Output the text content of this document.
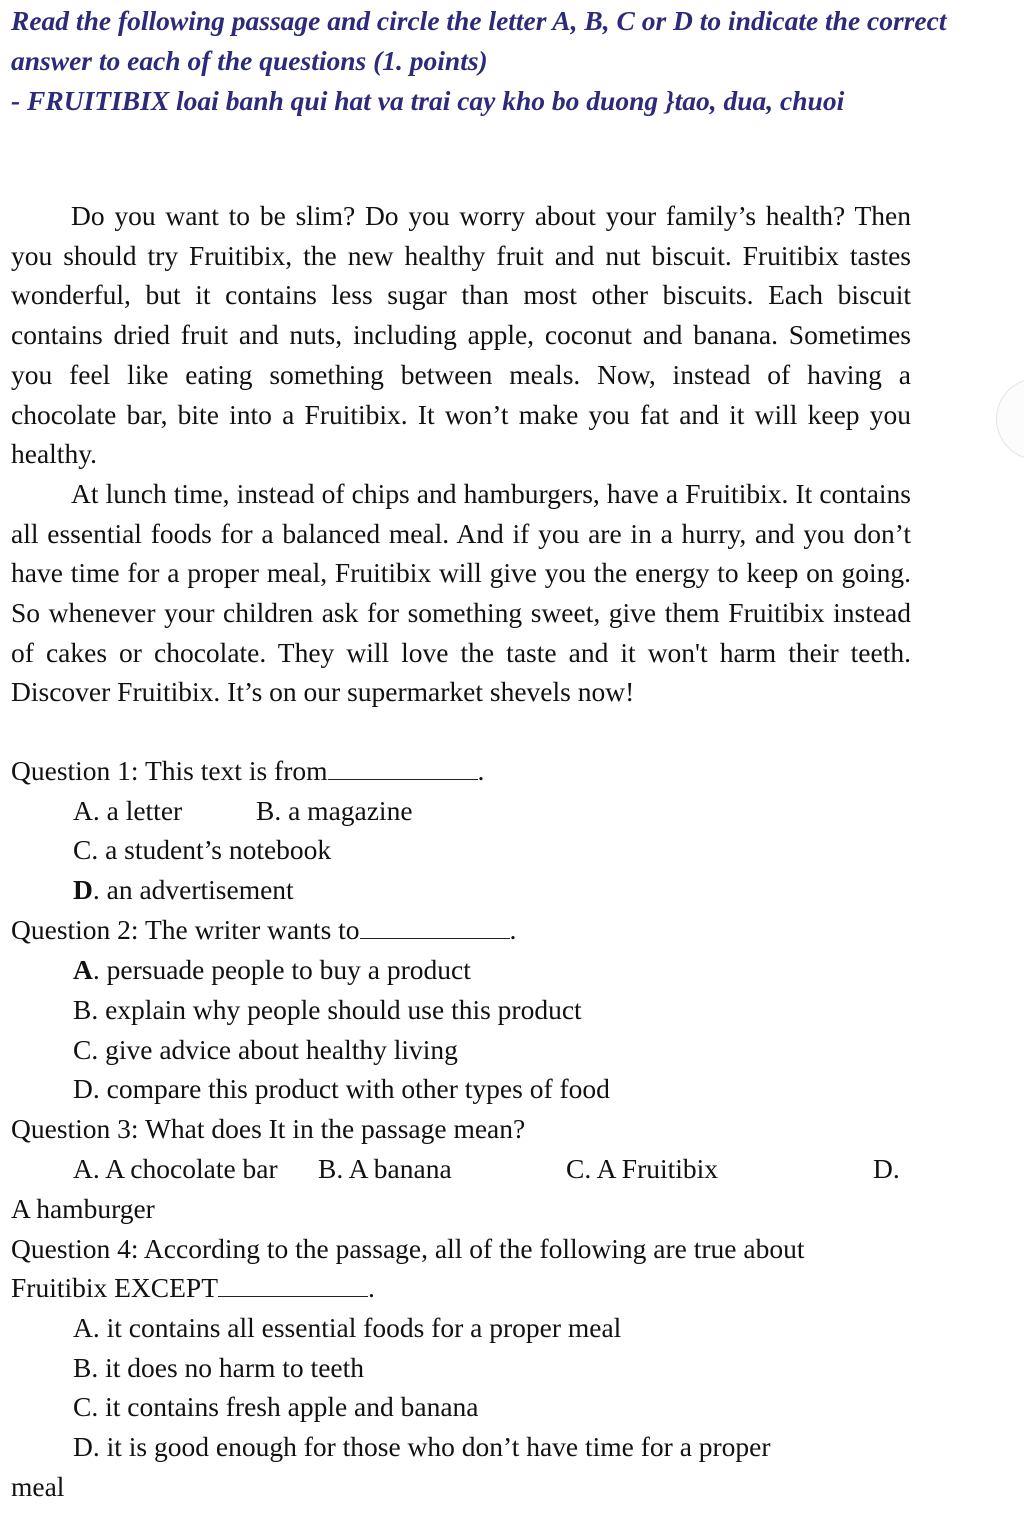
Read the following passage and circle the letter A, B, C or D to indicate the correct answer to each of the questions (1. points)

- FRUITIBIX loai banh qui hat va trai cay kho bo duong }tao, dua, chuoi

Do you want to be slim? Do you worry about your family’s health? Then you should try Fruitibix, the new healthy fruit and nut biscuit. Fruitibix tastes wonderful, but it contains less sugar than most other biscuits. Each biscuit contains dried fruit and nuts, including apple, coconut and banana. Sometimes you feel like eating something between meals. Now, instead of having a chocolate bar, bite into a Fruitibix. It won’t make you fat and it will keep you healthy.

At lunch time, instead of chips and hamburgers, have a Fruitibix. It contains all essential foods for a balanced meal. And if you are in a hurry, and you don’t have time for a proper meal, Fruitibix will give you the energy to keep on going. So whenever your children ask for something sweet, give them Fruitibix instead of cakes or chocolate. They will love the taste and it won't harm their teeth. Discover Fruitibix. It’s on our supermarket shevels now!

Question 1: This text is from	.
A. a letter	B. a magazine
C. a student’s notebook
D. an advertisement
Question 2: The writer wants to	.
A. persuade people to buy a product
B. explain why people should use this product
C. give advice about healthy living
D. compare this product with other types of food
Question 3: What does It in the passage mean?
A. A chocolate bar B. A banana	C. A Fruitibix	D.
A hamburger
Question 4: According to the passage, all of the following are true about
Fruitibix EXCEPT	.
A. it contains all essential foods for a proper meal
B. it does no harm to teeth
C. it contains fresh apple and banana
D. it is good enough for those who don’t have time for a proper
meal
